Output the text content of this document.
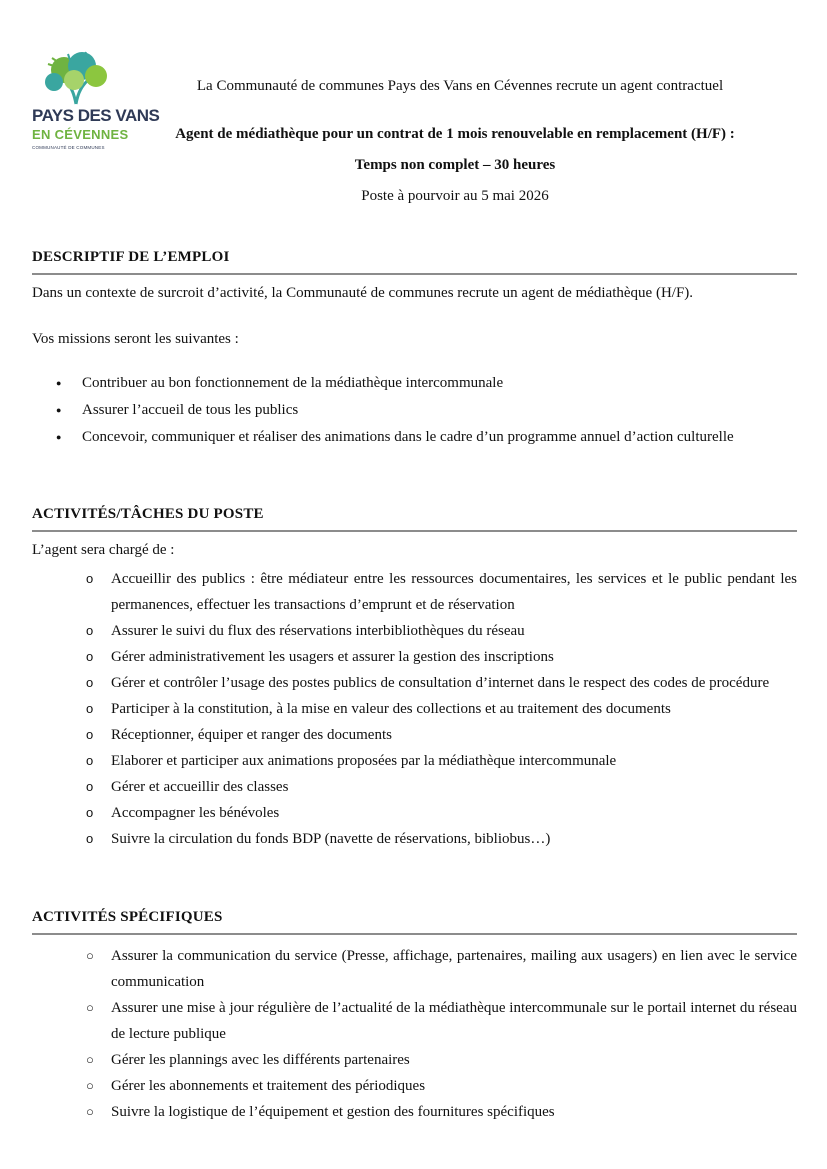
PAYS DES VANS
EN CÉVENNES
COMMUNAUTÉ DE COMMUNES
La Communauté de communes Pays des Vans en Cévennes recrute un agent contractuel
Agent de médiathèque pour un contrat de 1 mois renouvelable en remplacement (H/F) :
Temps non complet – 30 heures
Poste à pourvoir au 5 mai 2026
DESCRIPTIF DE L’EMPLOI
Dans un contexte de surcroit d’activité, la Communauté de communes recrute un agent de médiathèque (H/F).
Vos missions seront les suivantes :
● Contribuer au bon fonctionnement de la médiathèque intercommunale
● Assurer l’accueil de tous les publics
● Concevoir, communiquer et réaliser des animations dans le cadre d’un programme annuel d’action culturelle
ACTIVITÉS/TÂCHES DU POSTE
L’agent sera chargé de :
o Accueillir des publics : être médiateur entre les ressources documentaires, les services et le public pendant les permanences, effectuer les transactions d’emprunt et de réservation
o Assurer le suivi du flux des réservations interbibliothèques du réseau
o Gérer administrativement les usagers et assurer la gestion des inscriptions
o Gérer et contrôler l’usage des postes publics de consultation d’internet dans le respect des codes de procédure
o Participer à la constitution, à la mise en valeur des collections et au traitement des documents
o Réceptionner, équiper et ranger des documents
o Elaborer et participer aux animations proposées par la médiathèque intercommunale
o Gérer et accueillir des classes
o Accompagner les bénévoles
o Suivre la circulation du fonds BDP (navette de réservations, bibliobus…)
ACTIVITÉS SPÉCIFIQUES
○ Assurer la communication du service (Presse, affichage, partenaires, mailing aux usagers) en lien avec le service communication
○ Assurer une mise à jour régulière de l’actualité de la médiathèque intercommunale sur le portail internet du réseau de lecture publique
○ Gérer les plannings avec les différents partenaires
○ Gérer les abonnements et traitement des périodiques
○ Suivre la logistique de l’équipement et gestion des fournitures spécifiques
